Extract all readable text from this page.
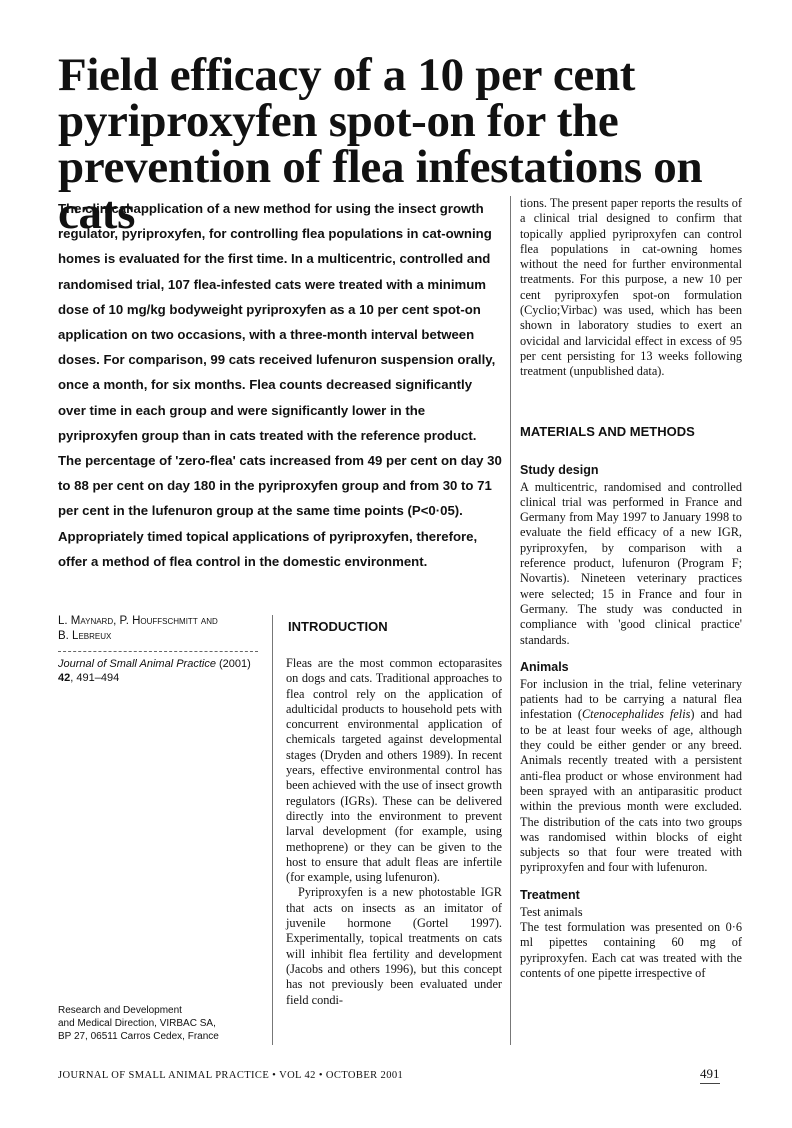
Field efficacy of a 10 per cent pyriproxyfen spot-on for the prevention of flea infestations on cats

The clinical application of a new method for using the insect growth regulator, pyriproxyfen, for controlling flea populations in cat-owning homes is evaluated for the first time. In a multicentric, controlled and randomised trial, 107 flea-infested cats were treated with a minimum dose of 10 mg/kg bodyweight pyriproxyfen as a 10 per cent spot-on application on two occasions, with a three-month interval between doses. For comparison, 99 cats received lufenuron suspension orally, once a month, for six months. Flea counts decreased significantly over time in each group and were significantly lower in the pyriproxyfen group than in cats treated with the reference product. The percentage of 'zero-flea' cats increased from 49 per cent on day 30 to 88 per cent on day 180 in the pyriproxyfen group and from 30 to 71 per cent in the lufenuron group at the same time points (P<0·05). Appropriately timed topical applications of pyriproxyfen, therefore, offer a method of flea control in the domestic environment.

L. Maynard, P. Houffschmitt and
B. Lebreux
Journal of Small Animal Practice (2001)
42, 491–494
Research and Development
and Medical Direction, VIRBAC SA,
BP 27, 06511 Carros Cedex, France
INTRODUCTION

Fleas are the most common ectoparasites on dogs and cats. Traditional approaches to flea control rely on the application of adulticidal products to household pets with concurrent environmental application of chemicals targeted against developmental stages (Dryden and others 1989). In recent years, effective environmental control has been achieved with the use of insect growth regulators (IGRs). These can be delivered directly into the environment to prevent larval development (for example, using methoprene) or they can be given to the host to ensure that adult fleas are infertile (for example, using lufenuron).

Pyriproxyfen is a new photostable IGR that acts on insects as an imitator of juvenile hormone (Gortel 1997). Experimentally, topical treatments on cats will inhibit flea fertility and development (Jacobs and others 1996), but this concept has not previously been evaluated under field condi-

tions. The present paper reports the results of a clinical trial designed to confirm that topically applied pyriproxyfen can control flea populations in cat-owning homes without the need for further environmental treatments. For this purpose, a new 10 per cent pyriproxyfen spot-on formulation (Cyclio;Virbac) was used, which has been shown in laboratory studies to exert an ovicidal and larvicidal effect in excess of 95 per cent persisting for 13 weeks following treatment (unpublished data).

MATERIALS AND METHODS
Study design

A multicentric, randomised and controlled clinical trial was performed in France and Germany from May 1997 to January 1998 to evaluate the field efficacy of a new IGR, pyriproxyfen, by comparison with a reference product, lufenuron (Program F; Novartis). Nineteen veterinary practices were selected; 15 in France and four in Germany. The study was conducted in compliance with 'good clinical practice' standards.

Animals

For inclusion in the trial, feline veterinary patients had to be carrying a natural flea infestation (Ctenocephalides felis) and had to be at least four weeks of age, although they could be either gender or any breed. Animals recently treated with a persistent anti-flea product or whose environment had been sprayed with an antiparasitic product within the previous month were excluded. The distribution of the cats into two groups was randomised within blocks of eight subjects so that four were treated with pyriproxyfen and four with lufenuron.

Treatment

Test animals

The test formulation was presented on 0·6 ml pipettes containing 60 mg of pyriproxyfen. Each cat was treated with the contents of one pipette irrespective of

JOURNAL OF SMALL ANIMAL PRACTICE • VOL 42 • OCTOBER 2001	491
